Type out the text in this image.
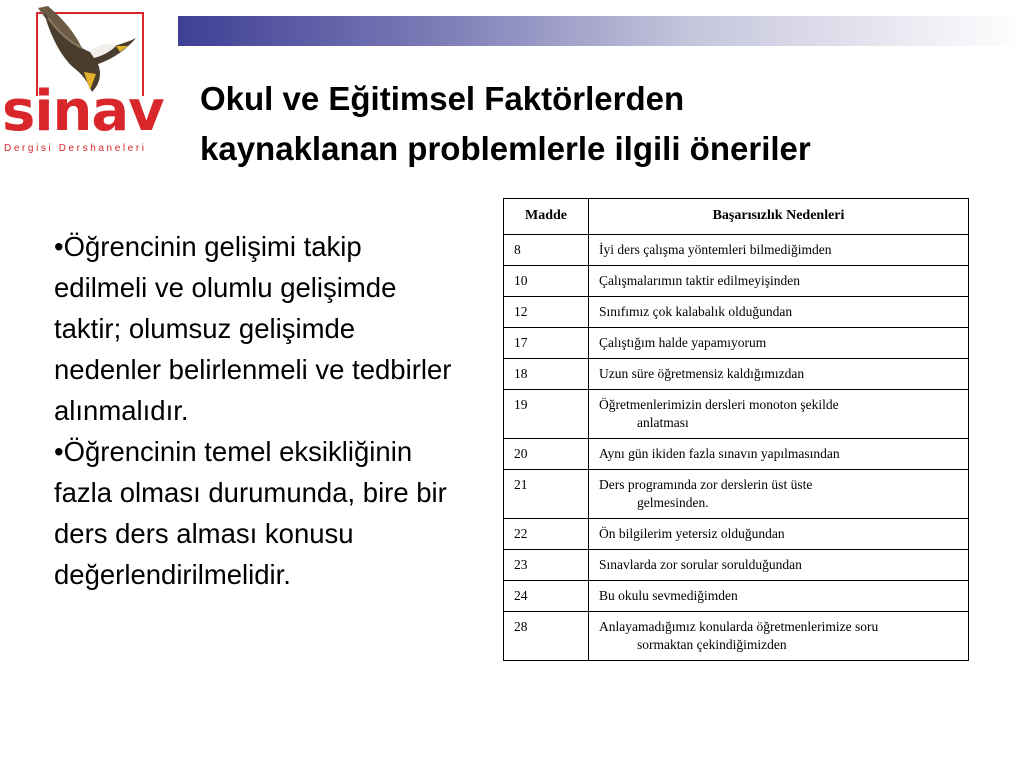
sinav
Dergisi Dershaneleri
Okul ve Eğitimsel Faktörlerden
kaynaklanan problemlerle ilgili öneriler

•Öğrencinin gelişimi takip edilmeli ve olumlu gelişimde taktir; olumsuz gelişimde nedenler belirlenmeli ve tedbirler alınmalıdır.

•Öğrencinin temel eksikliğinin fazla olması durumunda, bire bir ders ders alması konusu değerlendirilmelidir.

Madde	Başarısızlık Nedenleri
8	İyi ders çalışma yöntemleri bilmediğimden
10	Çalışmalarımın taktir edilmeyişinden
12	Sınıfımız çok kalabalık olduğundan
17	Çalıştığım halde yapamıyorum
18	Uzun süre öğretmensiz kaldığımızdan
19	Öğretmenlerimizin dersleri monoton şekilde
anlatması

20	Aynı gün ikiden fazla sınavın yapılmasından
21	Ders programında zor derslerin üst üste
gelmesinden.

22	Ön bilgilerim yetersiz olduğundan
23	Sınavlarda zor sorular sorulduğundan
24	Bu okulu sevmediğimden
28	Anlayamadığımız konularda öğretmenlerimize soru
sormaktan çekindiğimizden
